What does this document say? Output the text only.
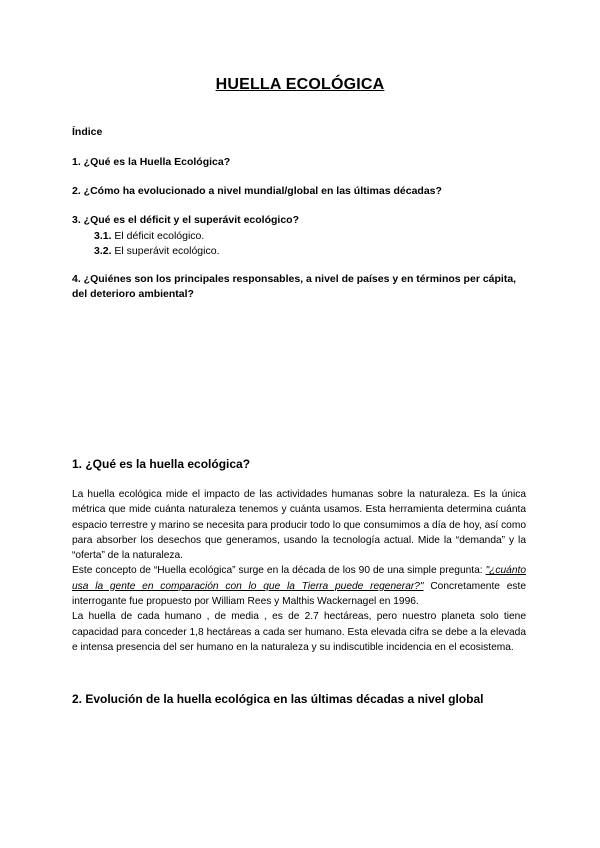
HUELLA ECOLÓGICA
Índice
1. ¿Qué es la Huella Ecológica?
2. ¿Cómo ha evolucionado a nivel mundial/global en las últimas décadas?
3. ¿Qué es el déficit y el superávit ecológico?
3.1. El déficit ecológico.
3.2. El superávit ecológico.
4. ¿Quiénes son los principales responsables, a nivel de países y en términos per cápita, del deterioro ambiental?
1. ¿Qué es la huella ecológica?

La huella ecológica mide el impacto de las actividades humanas sobre la naturaleza. Es la única métrica que mide cuánta naturaleza tenemos y cuánta usamos. Esta herramienta determina cuánta espacio terrestre y marino se necesita para producir todo lo que consumimos a día de hoy, así como para absorber los desechos que generamos, usando la tecnología actual. Mide la “demanda” y la “oferta” de la naturaleza.

Este concepto de “Huella ecológica” surge en la década de los 90 de una simple pregunta: "¿cuánto usa la gente en comparación con lo que la Tierra puede regenerar?" Concretamente este interrogante fue propuesto por William Rees y Malthis Wackernagel en 1996.

La huella de cada humano , de media , es de 2.7 hectáreas, pero nuestro planeta solo tiene capacidad para conceder 1,8 hectáreas a cada ser humano. Esta elevada cifra se debe a la elevada e intensa presencia del ser humano en la naturaleza y su indiscutible incidencia en el ecosistema.

2. Evolución de la huella ecológica en las últimas décadas a nivel global
